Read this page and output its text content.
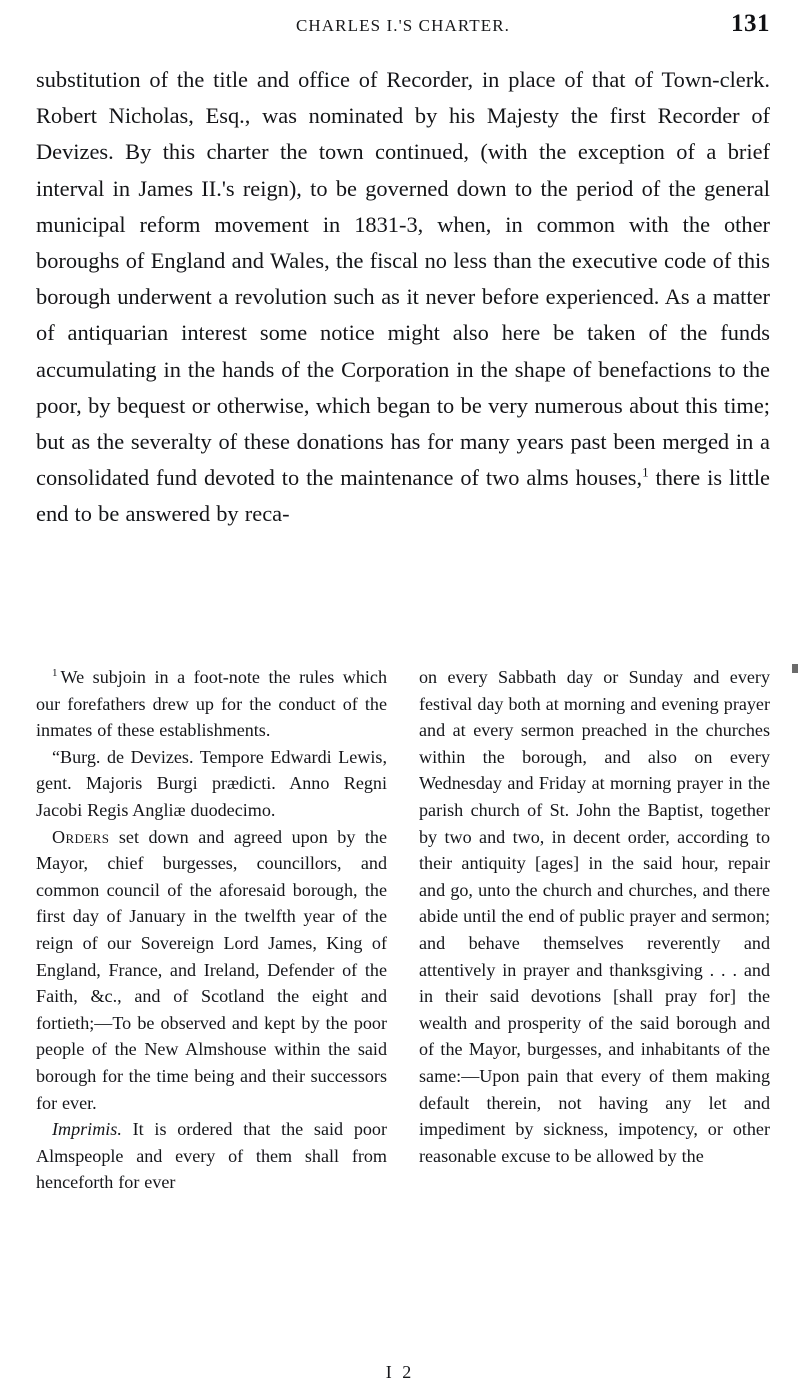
CHARLES I.'S CHARTER.	131

substitution of the title and office of Recorder, in place of that of Town-clerk. Robert Nicholas, Esq., was nominated by his Majesty the first Recorder of Devizes. By this charter the town continued, (with the exception of a brief interval in James II.'s reign), to be governed down to the period of the general municipal reform movement in 1831-3, when, in common with the other boroughs of England and Wales, the fiscal no less than the executive code of this borough underwent a revolution such as it never before experienced. As a matter of antiquarian interest some notice might also here be taken of the funds accumulating in the hands of the Corporation in the shape of benefactions to the poor, by bequest or otherwise, which began to be very numerous about this time; but as the severalty of these donations has for many years past been merged in a consolidated fund devoted to the maintenance of two alms houses,$^1$ there is little end to be answered by reca-

$^1$ We subjoin in a foot-note the rules which our forefathers drew up for the conduct of the inmates of these establishments.

“Burg. de Devizes. Tempore Edwardi Lewis, gent. Majoris Burgi prædicti. Anno Regni Jacobi Regis Angliæ duodecimo.

Orders set down and agreed upon by the Mayor, chief burgesses, councillors, and common council of the aforesaid borough, the first day of January in the twelfth year of the reign of our Sovereign Lord James, King of England, France, and Ireland, Defender of the Faith, &c., and of Scotland the eight and fortieth;—To be observed and kept by the poor people of the New Almshouse within the said borough for the time being and their successors for ever.

Imprimis. It is ordered that the said poor Almspeople and every of them shall from henceforth for ever

on every Sabbath day or Sunday and every festival day both at morning and evening prayer and at every sermon preached in the churches within the borough, and also on every Wednesday and Friday at morning prayer in the parish church of St. John the Baptist, together by two and two, in decent order, according to their antiquity [ages] in the said hour, repair and go, unto the church and churches, and there abide until the end of public prayer and sermon; and behave themselves reverently and attentively in prayer and thanksgiving . . . and in their said devotions [shall pray for] the wealth and prosperity of the said borough and of the Mayor, burgesses, and inhabitants of the same:—Upon pain that every of them making default therein, not having any let and impediment by sickness, impotency, or other reasonable excuse to be allowed by the

I 2
